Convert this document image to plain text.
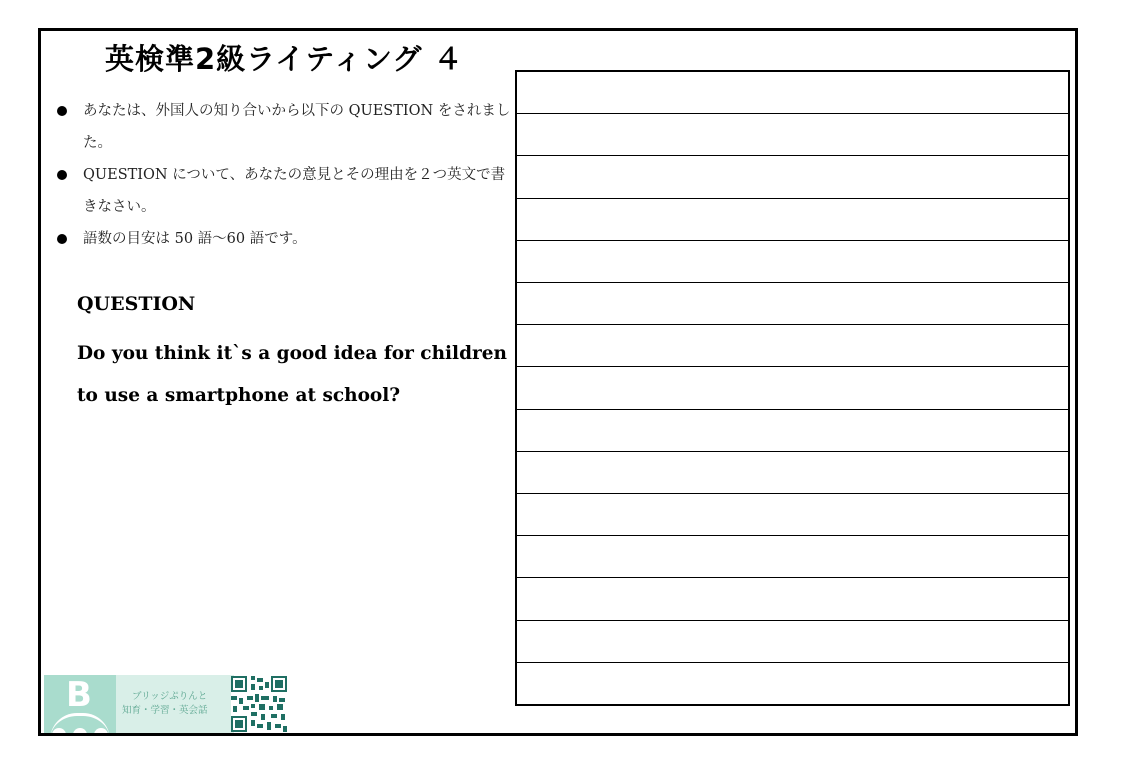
英検準2級ライティング ４
あなたは、外国人の知り合いから以下の QUESTION をされました。
QUESTION について、あなたの意見とその理由を２つ英文で書きなさい。
語数の目安は 50 語〜60 語です。
QUESTION
Do you think it`s a good idea for children to use a smartphone at school?
B	ブリッジぷりんと
知育・学習・英会話
